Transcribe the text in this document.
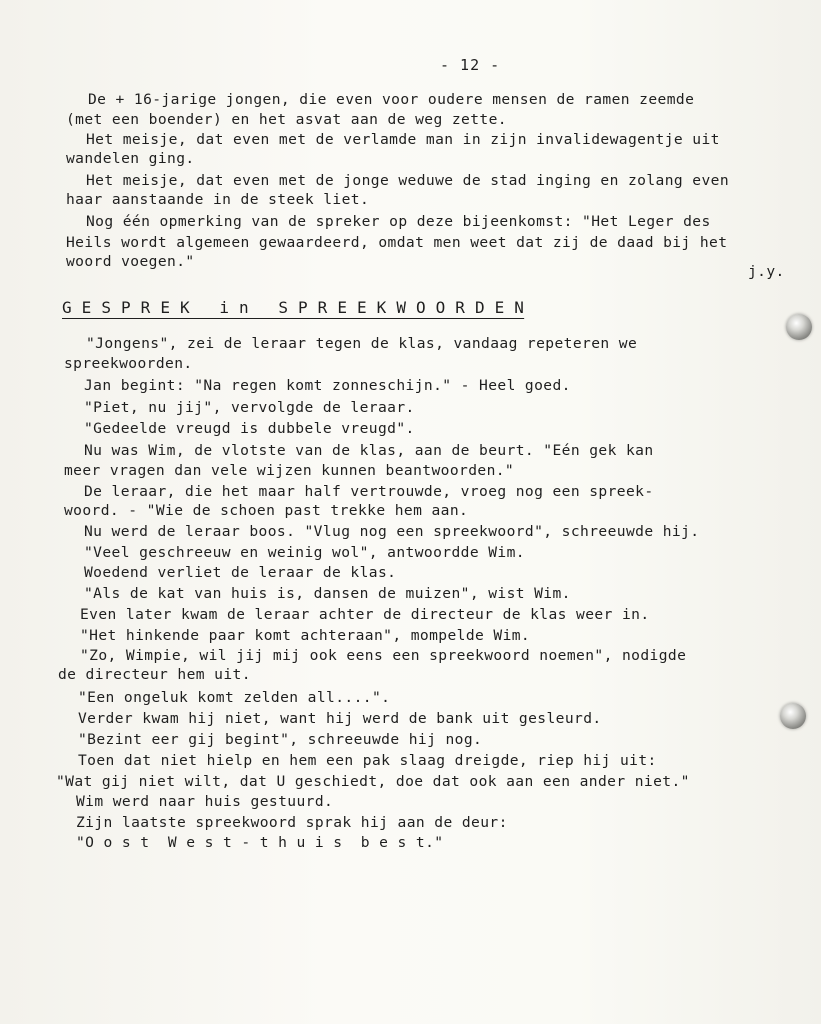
- 12 -
De + 16-jarige jongen, die even voor oudere mensen de ramen zeemde
(met een boender) en het asvat aan de weg zette.
Het meisje, dat even met de verlamde man in zijn invalidewagentje uit
wandelen ging.
Het meisje, dat even met de jonge weduwe de stad inging en zolang even
haar aanstaande in de steek liet.
Nog één opmerking van de spreker op deze bijeenkomst: "Het Leger des
Heils wordt algemeen gewaardeerd, omdat men weet dat zij de daad bij het
woord voegen."
j.y.
G E S P R E K   i n   S P R E E K W O O R D E N
"Jongens", zei de leraar tegen de klas, vandaag repeteren we
spreekwoorden.
Jan begint: "Na regen komt zonneschijn." - Heel goed.
"Piet, nu jij", vervolgde de leraar.
"Gedeelde vreugd is dubbele vreugd".
Nu was Wim, de vlotste van de klas, aan de beurt. "Eén gek kan
meer vragen dan vele wijzen kunnen beantwoorden."
De leraar, die het maar half vertrouwde, vroeg nog een spreek-
woord. - "Wie de schoen past trekke hem aan.
Nu werd de leraar boos. "Vlug nog een spreekwoord", schreeuwde hij.
"Veel geschreeuw en weinig wol", antwoordde Wim.
Woedend verliet de leraar de klas.
"Als de kat van huis is, dansen de muizen", wist Wim.
Even later kwam de leraar achter de directeur de klas weer in.
"Het hinkende paar komt achteraan", mompelde Wim.
"Zo, Wimpie, wil jij mij ook eens een spreekwoord noemen", nodigde
de directeur hem uit.
"Een ongeluk komt zelden all....".
Verder kwam hij niet, want hij werd de bank uit gesleurd.
"Bezint eer gij begint", schreeuwde hij nog.
Toen dat niet hielp en hem een pak slaag dreigde, riep hij uit:
"Wat gij niet wilt, dat U geschiedt, doe dat ook aan een ander niet."
Wim werd naar huis gestuurd.
Zijn laatste spreekwoord sprak hij aan de deur:
"O o s t  W e s t - t h u i s  b e s t."
